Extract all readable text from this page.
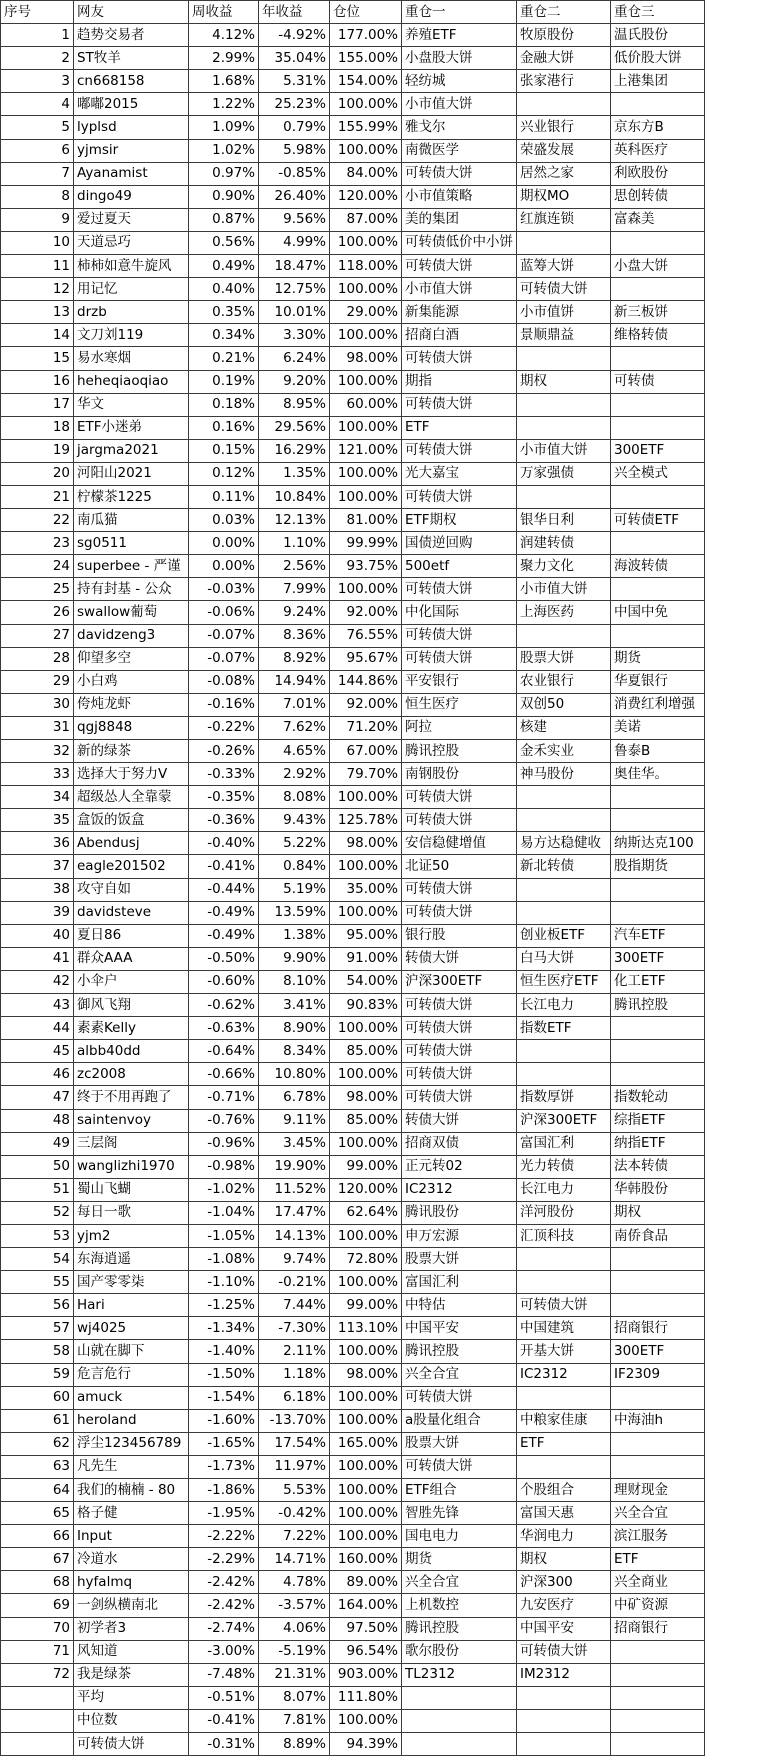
序号	网友	周收益	年收益	仓位	重仓一	重仓二	重仓三
1	趋势交易者	4.12%	-4.92%	177.00%	养殖ETF	牧原股份	温氏股份
2	ST牧羊	2.99%	35.04%	155.00%	小盘股大饼	金融大饼	低价股大饼
3	cn668158	1.68%	5.31%	154.00%	轻纺城	张家港行	上港集团
4	嘟嘟2015	1.22%	25.23%	100.00%	小市值大饼		
5	lyplsd	1.09%	0.79%	155.99%	雅戈尔	兴业银行	京东方B
6	yjmsir	1.02%	5.98%	100.00%	南微医学	荣盛发展	英科医疗
7	Ayanamist	0.97%	-0.85%	84.00%	可转债大饼	居然之家	利欧股份
8	dingo49	0.90%	26.40%	120.00%	小市值策略	期权MO	思创转债
9	爱过夏天	0.87%	9.56%	87.00%	美的集团	红旗连锁	富森美
10	天道忌巧	0.56%	4.99%	100.00%	可转债低价中小饼		
11	柿柿如意牛旋风	0.49%	18.47%	118.00%	可转债大饼	蓝筹大饼	小盘大饼
12	用记忆	0.40%	12.75%	100.00%	小市值大饼	可转债大饼	
13	drzb	0.35%	10.01%	29.00%	新集能源	小市值饼	新三板饼
14	文刀刘119	0.34%	3.30%	100.00%	招商白酒	景顺鼎益	维格转债
15	易水寒烟	0.21%	6.24%	98.00%	可转债大饼		
16	heheqiaoqiao	0.19%	9.20%	100.00%	期指	期权	可转债
17	华文	0.18%	8.95%	60.00%	可转债大饼		
18	ETF小迷弟	0.16%	29.56%	100.00%	ETF		
19	jargma2021	0.15%	16.29%	121.00%	可转债大饼	小市值大饼	300ETF
20	河阳山2021	0.12%	1.35%	100.00%	光大嘉宝	万家强债	兴全模式
21	柠檬茶1225	0.11%	10.84%	100.00%	可转债大饼		
22	南瓜猫	0.03%	12.13%	81.00%	ETF期权	银华日利	可转债ETF
23	sg0511	0.00%	1.10%	99.99%	国债逆回购	润建转债	
24	superbee - 严谨	0.00%	2.56%	93.75%	500etf	聚力文化	海波转债
25	持有封基 - 公众	-0.03%	7.99%	100.00%	可转债大饼	小市值大饼	
26	swallow葡萄	-0.06%	9.24%	92.00%	中化国际	上海医药	中国中免
27	davidzeng3	-0.07%	8.36%	76.55%	可转债大饼		
28	仰望多空	-0.07%	8.92%	95.67%	可转债大饼	股票大饼	期货
29	小白鸡	-0.08%	14.94%	144.86%	平安银行	农业银行	华夏银行
30	侉炖龙虾	-0.16%	7.01%	92.00%	恒生医疗	双创50	消费红利增强
31	qgj8848	-0.22%	7.62%	71.20%	阿拉	核建	美诺
32	新的绿茶	-0.26%	4.65%	67.00%	腾讯控股	金禾实业	鲁泰B
33	选择大于努力V	-0.33%	2.92%	79.70%	南钢股份	神马股份	奥佳华。
34	超级怂人全靠蒙	-0.35%	8.08%	100.00%	可转债大饼		
35	盒饭的饭盒	-0.36%	9.43%	125.78%	可转债大饼		
36	Abendusj	-0.40%	5.22%	98.00%	安信稳健增值	易方达稳健收	纳斯达克100
37	eagle201502	-0.41%	0.84%	100.00%	北证50	新北转债	股指期货
38	攻守自如	-0.44%	5.19%	35.00%	可转债大饼		
39	davidsteve	-0.49%	13.59%	100.00%	可转债大饼		
40	夏日86	-0.49%	1.38%	95.00%	银行股	创业板ETF	汽车ETF
41	群众AAA	-0.50%	9.90%	91.00%	转债大饼	白马大饼	300ETF
42	小伞户	-0.60%	8.10%	54.00%	沪深300ETF	恒生医疗ETF	化工ETF
43	御风飞翔	-0.62%	3.41%	90.83%	可转债大饼	长江电力	腾讯控股
44	素素Kelly	-0.63%	8.90%	100.00%	可转债大饼	指数ETF	
45	albb40dd	-0.64%	8.34%	85.00%	可转债大饼		
46	zc2008	-0.66%	10.80%	100.00%	可转债大饼		
47	终于不用再跑了	-0.71%	6.78%	98.00%	可转债大饼	指数厚饼	指数轮动
48	saintenvoy	-0.76%	9.11%	85.00%	转债大饼	沪深300ETF	综指ETF
49	三层阁	-0.96%	3.45%	100.00%	招商双债	富国汇利	纳指ETF
50	wanglizhi1970	-0.98%	19.90%	99.00%	正元转02	光力转债	法本转债
51	蜀山飞蝴	-1.02%	11.52%	120.00%	IC2312	长江电力	华韩股份
52	每日一歌	-1.04%	17.47%	62.64%	腾讯股份	洋河股份	期权
53	yjm2	-1.05%	14.13%	100.00%	申万宏源	汇顶科技	南侨食品
54	东海逍遥	-1.08%	9.74%	72.80%	股票大饼		
55	国产零零柒	-1.10%	-0.21%	100.00%	富国汇利		
56	Hari	-1.25%	7.44%	99.00%	中特估	可转债大饼	
57	wj4025	-1.34%	-7.30%	113.10%	中国平安	中国建筑	招商银行
58	山就在脚下	-1.40%	2.11%	100.00%	腾讯控股	开基大饼	300ETF
59	危言危行	-1.50%	1.18%	98.00%	兴全合宜	IC2312	IF2309
60	amuck	-1.54%	6.18%	100.00%	可转债大饼		
61	heroland	-1.60%	-13.70%	100.00%	a股量化组合	中粮家佳康	中海油h
62	浮尘123456789	-1.65%	17.54%	165.00%	股票大饼	ETF	
63	凡先生	-1.73%	11.97%	100.00%	可转债大饼		
64	我们的楠楠 - 80	-1.86%	5.53%	100.00%	ETF组合	个股组合	理财现金
65	格子健	-1.95%	-0.42%	100.00%	智胜先锋	富国天惠	兴全合宜
66	Input	-2.22%	7.22%	100.00%	国电电力	华润电力	滨江服务
67	冷道水	-2.29%	14.71%	160.00%	期货	期权	ETF
68	hyfalmq	-2.42%	4.78%	89.00%	兴全合宜	沪深300	兴全商业
69	一剑纵横南北	-2.42%	-3.57%	164.00%	上机数控	九安医疗	中矿资源
70	初学者3	-2.74%	4.06%	97.50%	腾讯控股	中国平安	招商银行
71	风知道	-3.00%	-5.19%	96.54%	歌尔股份	可转债大饼	
72	我是绿茶	-7.48%	21.31%	903.00%	TL2312	IM2312	
	平均	-0.51%	8.07%	111.80%			
	中位数	-0.41%	7.81%	100.00%			
	可转债大饼	-0.31%	8.89%	94.39%			
